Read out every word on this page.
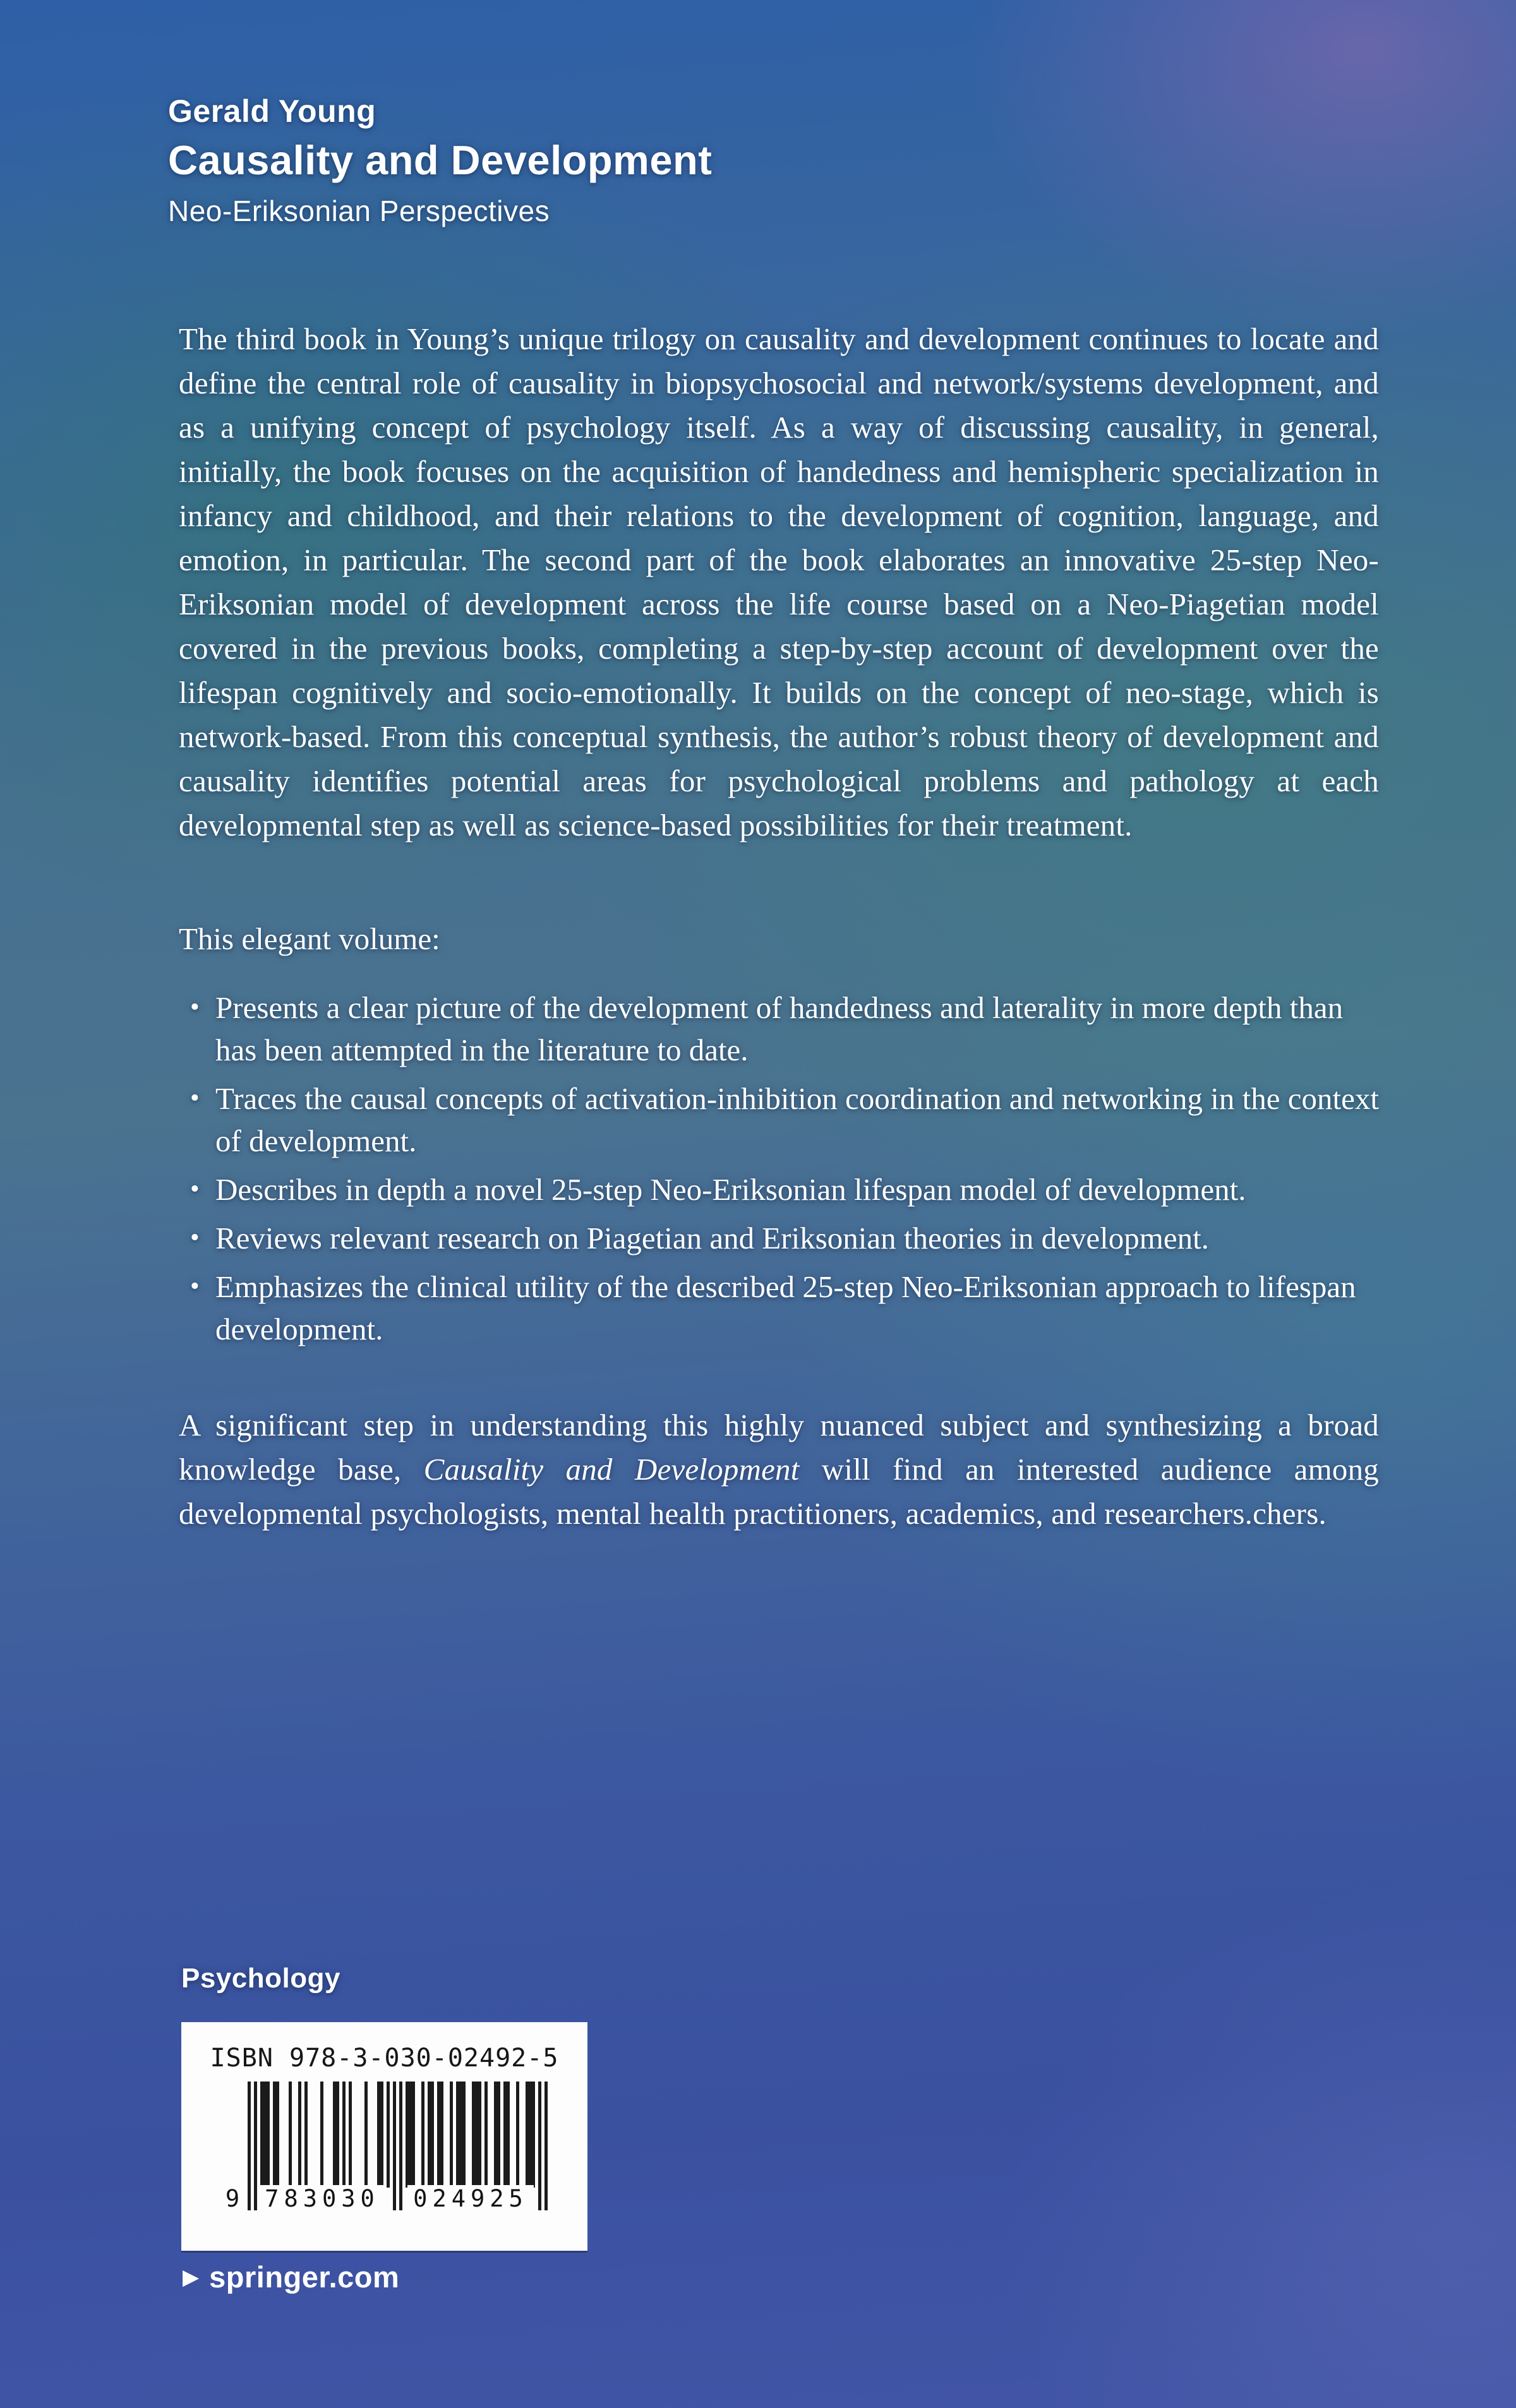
Gerald Young
Causality and Development
Neo-Eriksonian Perspectives
The third book in Young’s unique trilogy on causality and development continues to locate and define the central role of causality in biopsychosocial and network/systems development, and as a unifying concept of psychology itself. As a way of discussing causality, in general, initially, the book focuses on the acquisition of handedness and hemispheric specialization in infancy and childhood, and their relations to the development of cognition, language, and emotion, in particular. The second part of the book elaborates an innovative 25-step Neo-Eriksonian model of development across the life course based on a Neo-Piagetian model covered in the previous books, completing a step-by-step account of development over the lifespan cognitively and socio-emotionally. It builds on the concept of neo-stage, which is network-based. From this conceptual synthesis, the author’s robust theory of development and causality identifies potential areas for psychological problems and pathology at each developmental step as well as science-based possibilities for their treatment.
This elegant volume:
• Presents a clear picture of the development of handedness and laterality in more depth than has been attempted in the literature to date.
• Traces the causal concepts of activation-inhibition coordination and networking in the context of development.
• Describes in depth a novel 25-step Neo-Eriksonian lifespan model of development.
• Reviews relevant research on Piagetian and Eriksonian theories in development.
• Emphasizes the clinical utility of the described 25-step Neo-Eriksonian approach to lifespan development.
A significant step in understanding this highly nuanced subject and synthesizing a broad knowledge base, Causality and Development will find an interested audience among developmental psychologists, mental health practitioners, academics, and researchers.chers.
Psychology
ISBN 978-3-030-02492-5
9 783030 024925
▶ springer.com
